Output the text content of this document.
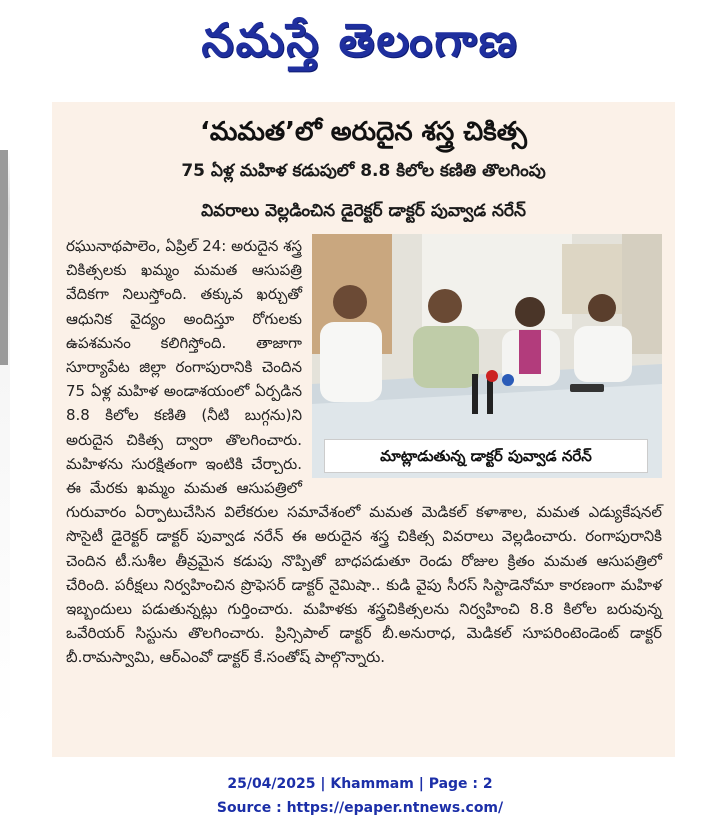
నమస్తే తెలంగాణ
‘మమత’లో అరుదైన శస్త్ర చికిత్స
75 ఏళ్ల మహిళ కడుపులో 8.8 కిలోల కణితి తొలగింపు
వివరాలు వెల్లడించిన డైరెక్టర్ డాక్టర్ పువ్వాడ నరేన్
మాట్లాడుతున్న డాక్టర్ పువ్వాడ నరేన్
రఘునాథపాలెం, ఏప్రిల్ 24: అరుదైన శస్త్ర చికిత్సలకు ఖమ్మం మమత ఆసుపత్రి వేదికగా నిలుస్తోంది. తక్కువ ఖర్చుతో ఆధునిక వైద్యం అందిస్తూ రోగులకు ఉపశమనం కలిగిస్తోంది. తాజాగా సూర్యాపేట జిల్లా రంగాపురానికి చెందిన 75 ఏళ్ల మహిళ అండాశయంలో ఏర్పడిన 8.8 కిలోల కణితి (నీటి బుగ్గను)ని అరుదైన చికిత్స ద్వారా తొలగించారు. మహిళను సురక్షితంగా ఇంటికి చేర్చారు. ఈ మేరకు ఖమ్మం మమత ఆసుపత్రిలో గురువారం ఏర్పాటుచేసిన విలేకరుల సమావేశంలో మమత మెడికల్ కళాశాల, మమత ఎడ్యుకేషనల్ సొసైటీ డైరెక్టర్ డాక్టర్ పువ్వాడ నరేన్ ఈ అరుదైన శస్త్ర చికిత్స వివరాలు వెల్లడించారు. రంగాపురానికి చెందిన టీ.సుశీల తీవ్రమైన కడుపు నొప్పితో బాధపడుతూ రెండు రోజుల క్రితం మమత ఆసుపత్రిలో చేరింది. పరీక్షలు నిర్వహించిన ప్రొఫెసర్ డాక్టర్ నైమిషా.. కుడి వైపు సీరస్ సిస్టాడెనోమా కారణంగా మహిళ ఇబ్బందులు పడుతున్నట్లు గుర్తించారు. మహిళకు శస్త్రచికిత్సలను నిర్వహించి 8.8 కిలోల బరువున్న ఒవేరియర్ సిస్టును తొలగించారు. ప్రిన్సిపాల్ డాక్టర్ బీ.అనురాధ, మెడికల్ సూపరింటెండెంట్ డాక్టర్ బీ.రామస్వామి, ఆర్ఎంవో డాక్టర్ కే.సంతోష్ పాల్గొన్నారు.
25/04/2025 | Khammam | Page : 2
Source : https://epaper.ntnews.com/
